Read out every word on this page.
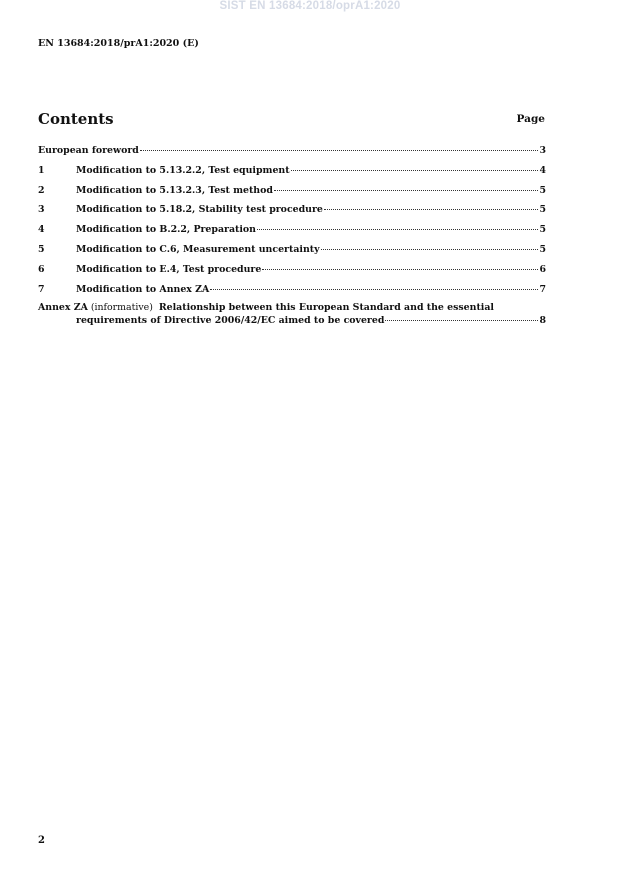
SIST EN 13684:2018/oprA1:2020
EN 13684:2018/prA1:2020 (E)
Contents	Page
European foreword	3
1	Modification to 5.13.2.2, Test equipment	4
2	Modification to 5.13.2.3, Test method	5
3	Modification to 5.18.2, Stability test procedure	5
4	Modification to B.2.2, Preparation	5
5	Modification to C.6, Measurement uncertainty	5
6	Modification to E.4, Test procedure	6
7	Modification to Annex ZA	7
Annex ZA (informative) Relationship between this European Standard and the essential
requirements of Directive 2006/42/EC aimed to be covered	8
2
